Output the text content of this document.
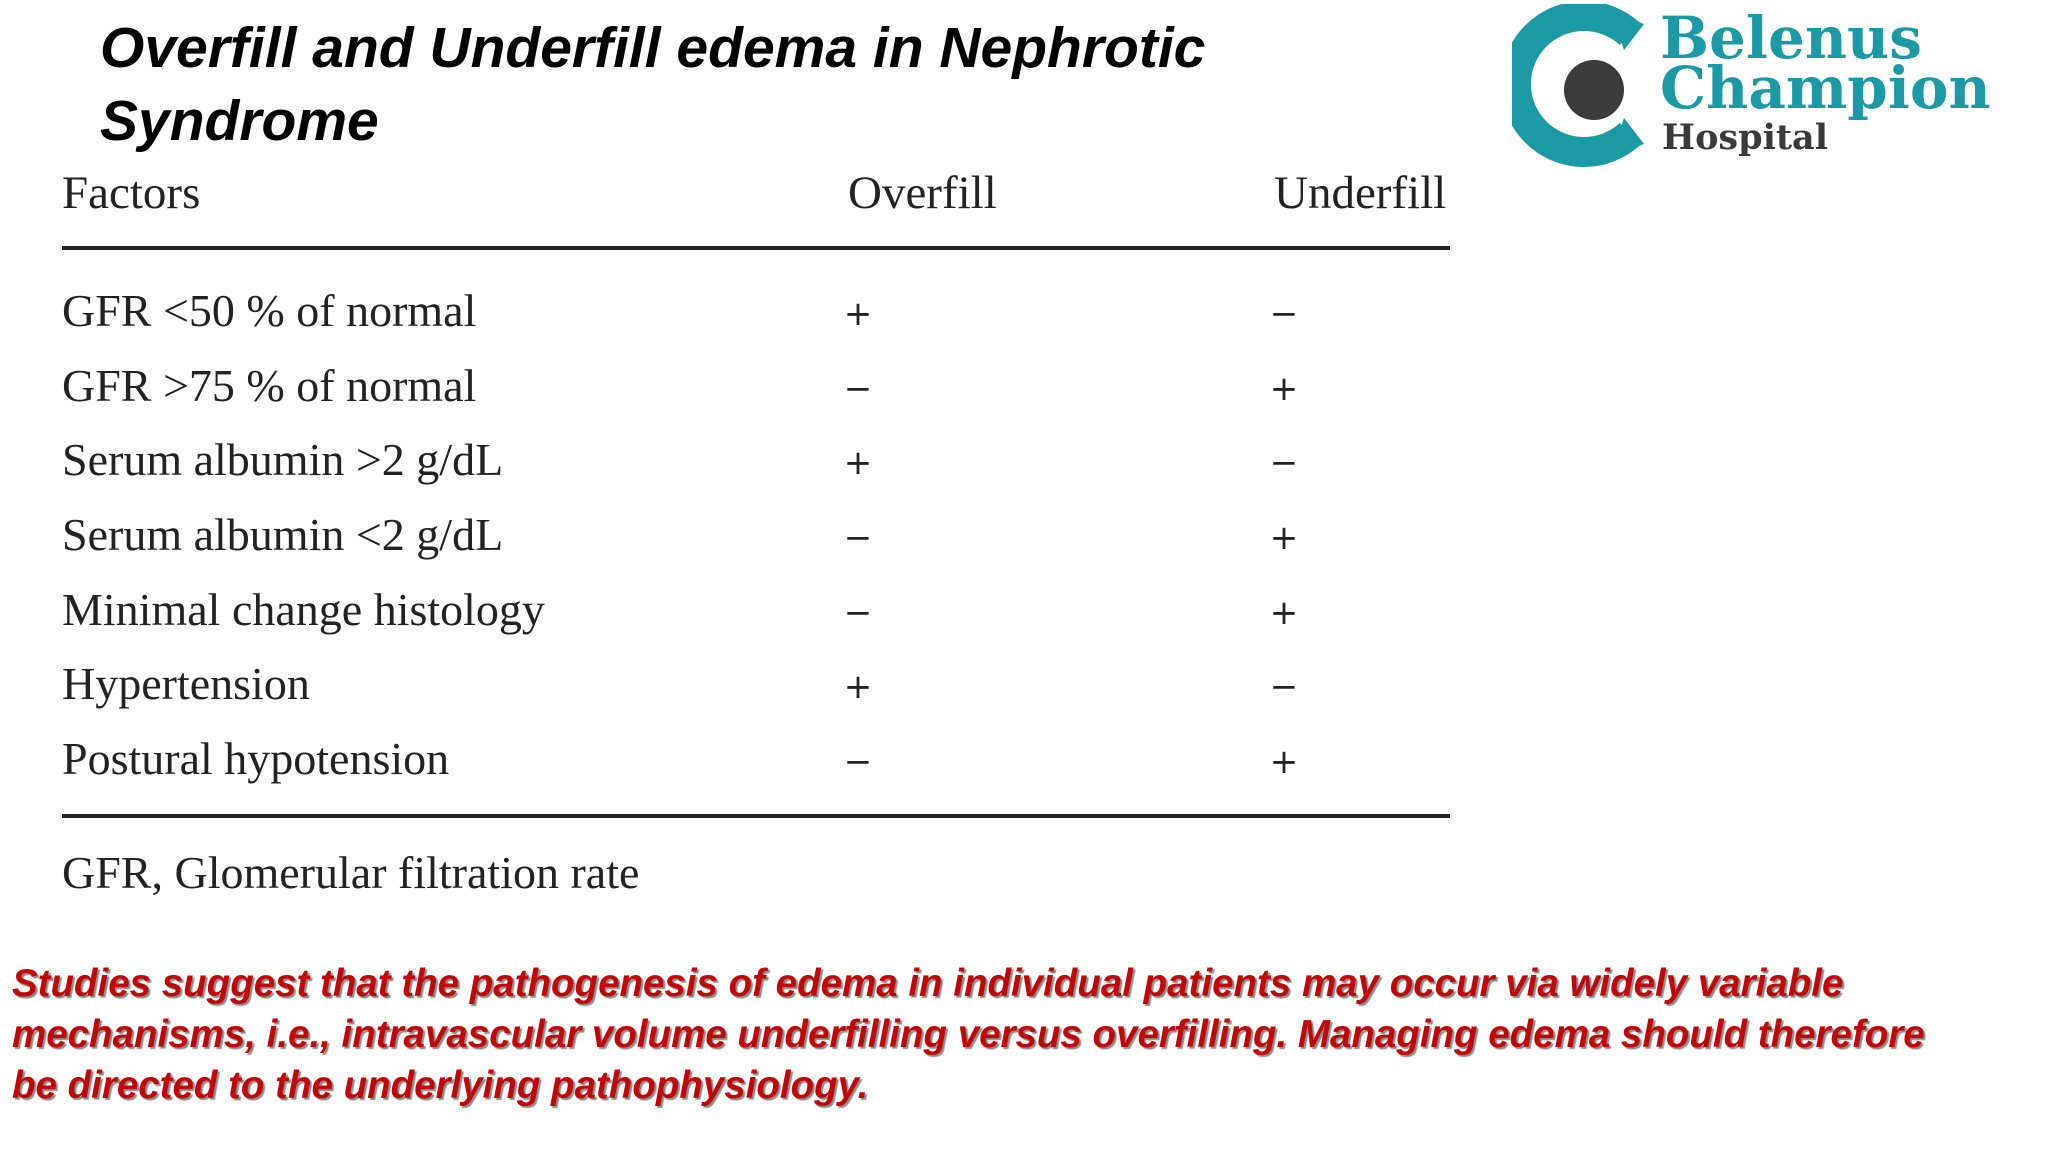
Overfill and Underfill edema in Nephrotic Syndrome
Belenus
Champion
Hospital
Factors	Overfill	Underfill
GFR <50 % of normal	+	−
GFR >75 % of normal	−	+
Serum albumin >2 g/dL	+	−
Serum albumin <2 g/dL	−	+
Minimal change histology	−	+
Hypertension	+	−
Postural hypotension	−	+
GFR, Glomerular filtration rate
Studies suggest that the pathogenesis of edema in individual patients may occur via widely variable mechanisms, i.e., intravascular volume underfilling versus overfilling. Managing edema should therefore be directed to the underlying pathophysiology.
